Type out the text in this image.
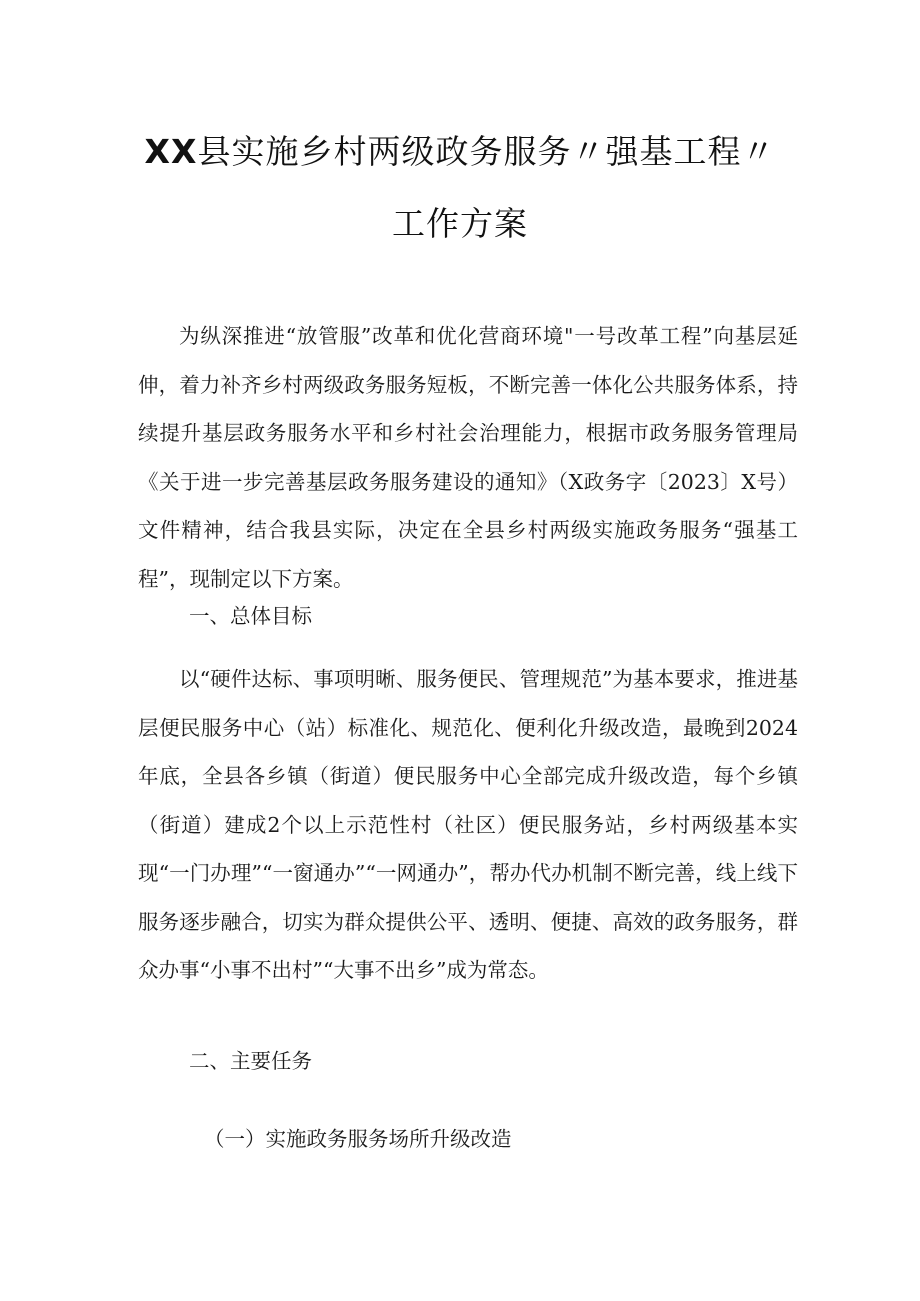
XX县实施乡村两级政务服务〃强基工程〃
工作方案

为纵深推进“放管服”改革和优化营商环境"一号改革工程”向基层延伸，着力补齐乡村两级政务服务短板，不断完善一体化公共服务体系，持续提升基层政务服务水平和乡村社会治理能力，根据市政务服务管理局《关于进一步完善基层政务服务建设的通知》（X政务字〔2023〕X号）文件精神，结合我县实际，决定在全县乡村两级实施政务服务“强基工程”，现制定以下方案。

一、总体目标

以“硬件达标、事项明晰、服务便民、管理规范”为基本要求，推进基层便民服务中心（站）标准化、规范化、便利化升级改造，最晚到2024年底，全县各乡镇（街道）便民服务中心全部完成升级改造，每个乡镇（街道）建成2个以上示范性村（社区）便民服务站，乡村两级基本实现“一门办理”“一窗通办”“一网通办”，帮办代办机制不断完善，线上线下服务逐步融合，切实为群众提供公平、透明、便捷、高效的政务服务，群众办事“小事不出村”“大事不出乡”成为常态。

二、主要任务

（一）实施政务服务场所升级改造
